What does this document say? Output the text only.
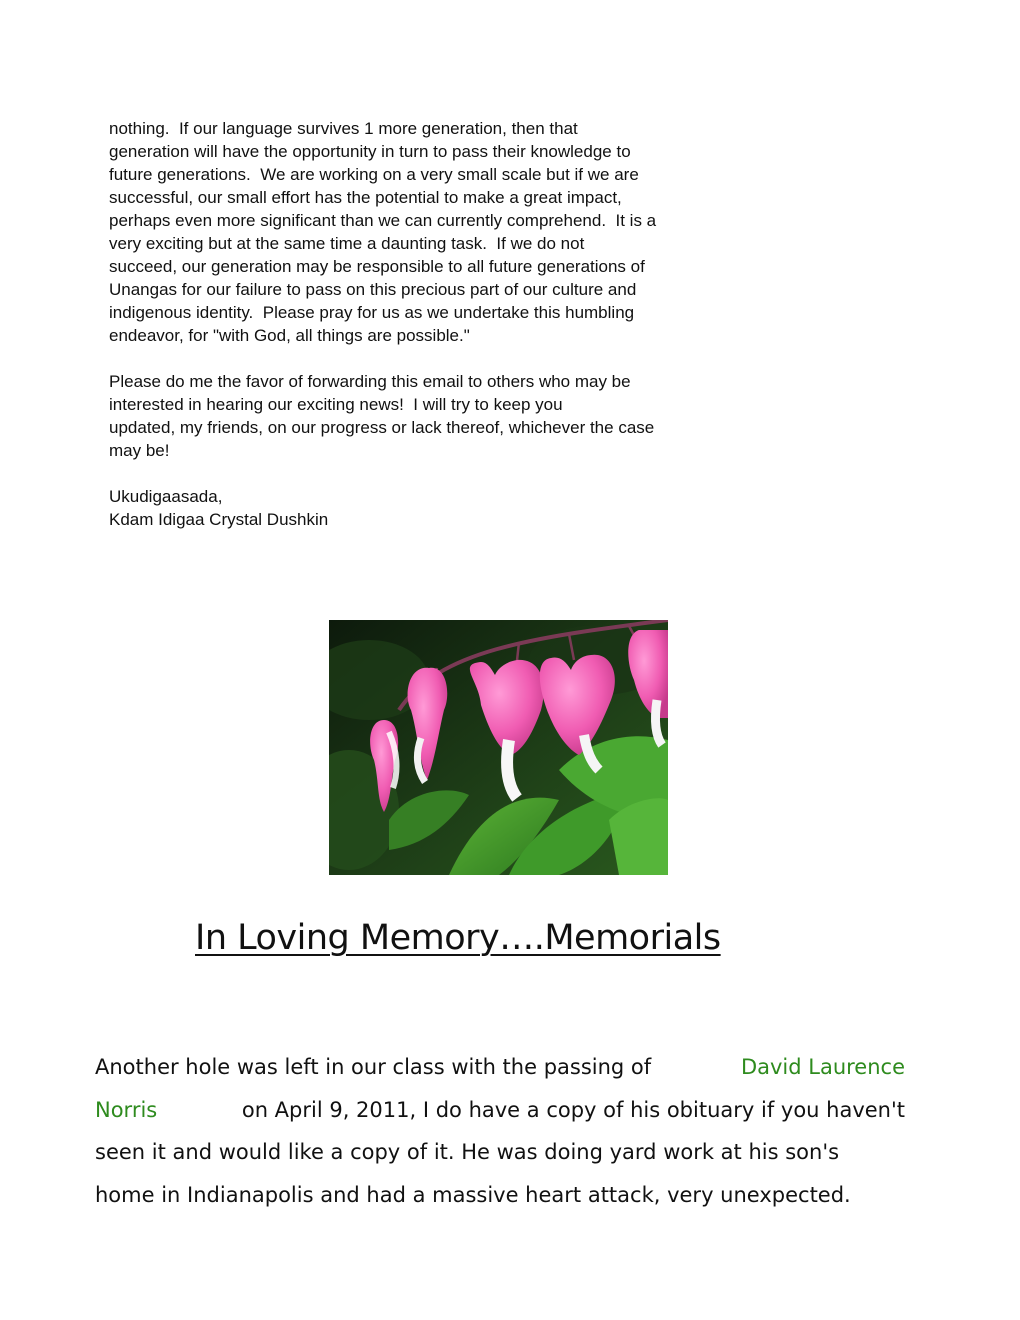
nothing.  If our language survives 1 more generation, then that
generation will have the opportunity in turn to pass their knowledge to
future generations.  We are working on a very small scale but if we are
successful, our small effort has the potential to make a great impact,
perhaps even more significant than we can currently comprehend.  It is a
very exciting but at the same time a daunting task.  If we do not
succeed, our generation may be responsible to all future generations of
Unangas for our failure to pass on this precious part of our culture and
indigenous identity.  Please pray for us as we undertake this humbling
endeavor, for "with God, all things are possible."
Please do me the favor of forwarding this email to others who may be
interested in hearing our exciting news!  I will try to keep you
updated, my friends, on our progress or lack thereof, whichever the case
may be!
Ukudigaasada,
Kdam Idigaa Crystal Dushkin
In Loving Memory….Memorials
Another hole was left in our class with the passing of	David Laurence
Norris	on April 9, 2011, I do have a copy of his obituary if you haven't
seen it and would like a copy of it. He was doing yard work at his son's
home in Indianapolis and had a massive heart attack, very unexpected.
